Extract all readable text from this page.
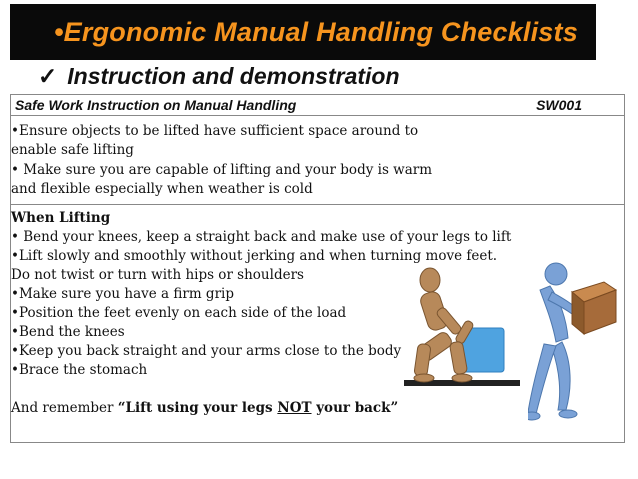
•Ergonomic Manual Handling Checklists
✓ Instruction and demonstration
Safe Work Instruction on Manual Handling	SW001
•Ensure objects to be lifted have sufficient space around to
enable safe lifting
• Make sure you are capable of lifting and your body is warm
and flexible especially when weather is cold
When Lifting
• Bend your knees, keep a straight back and make use of your legs to lift
•Lift slowly and smoothly without jerking and when turning move feet.
Do not twist or turn with hips or shoulders
•Make sure you have a firm grip
•Position the feet evenly on each side of the load
•Bend the knees
•Keep you back straight and your arms close to the body
•Brace the stomach
And remember “Lift using your legs NOT your back”
